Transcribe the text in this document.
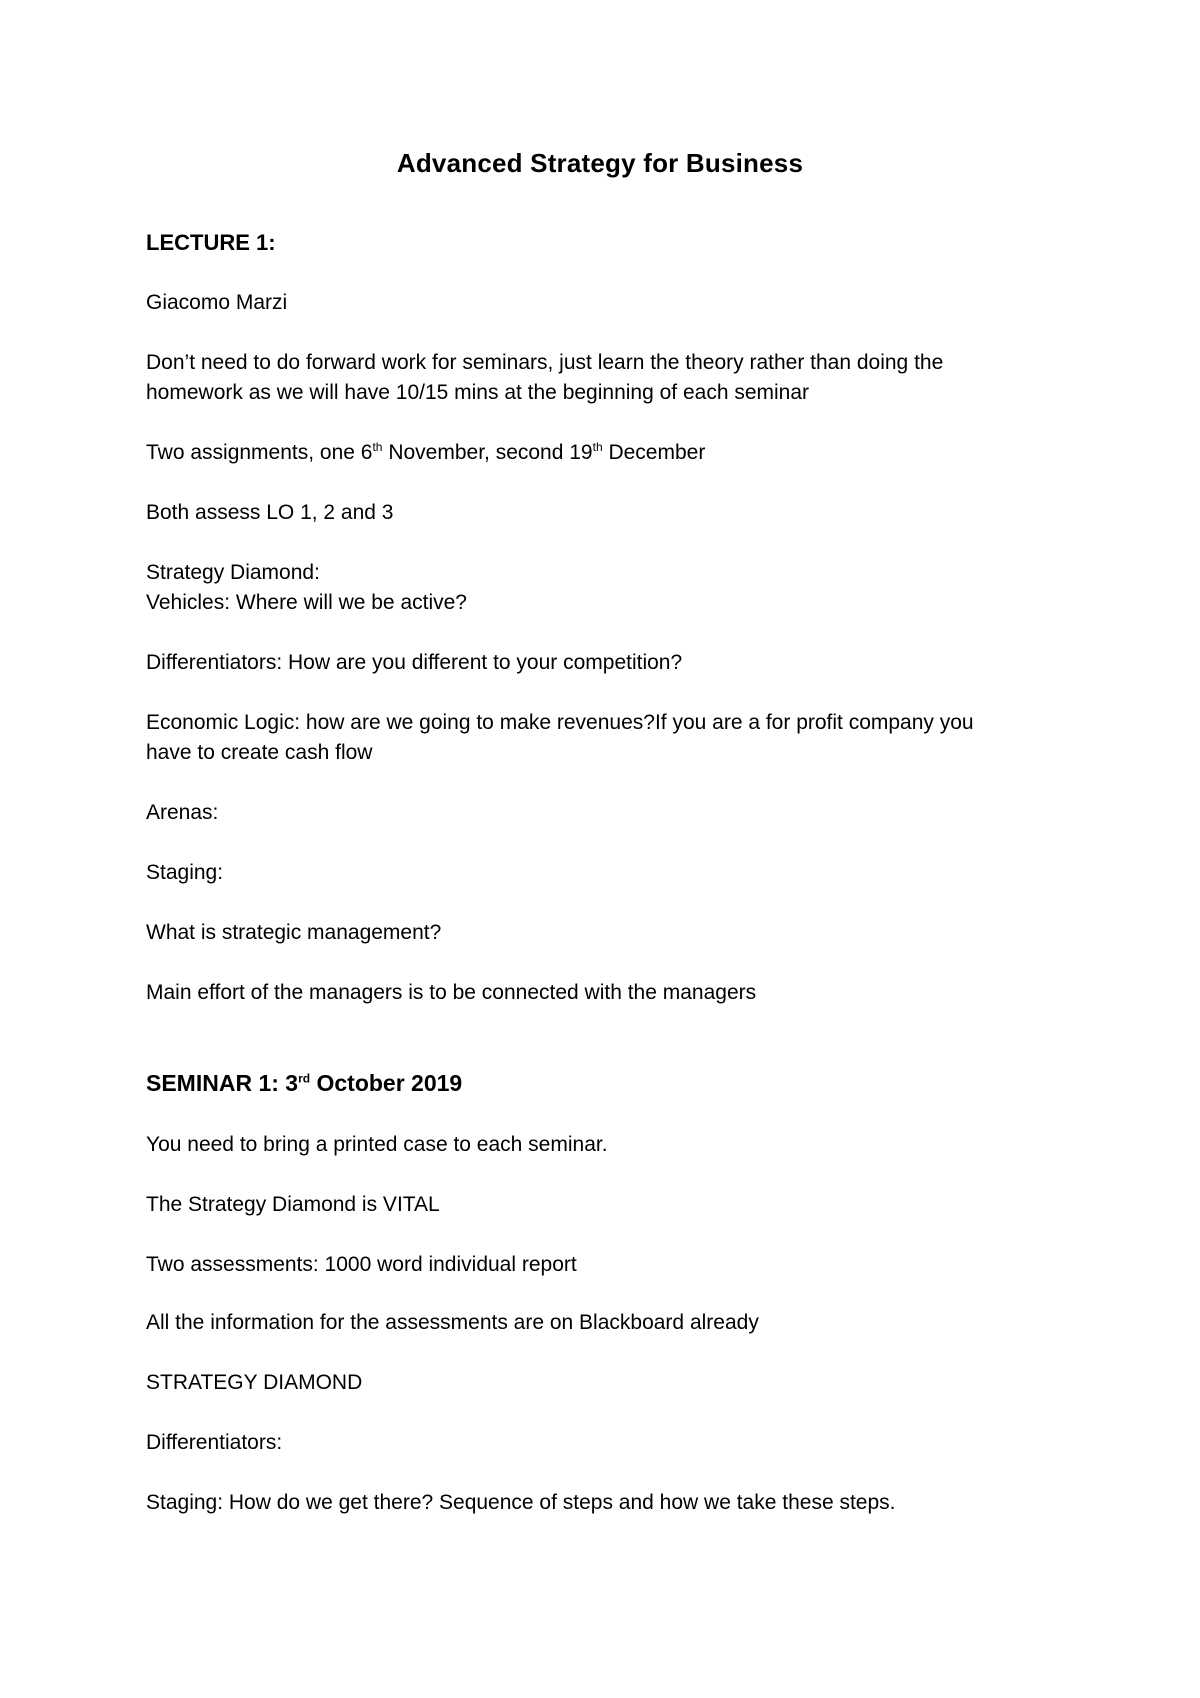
Advanced Strategy for Business

LECTURE 1:

Giacomo Marzi

Don’t need to do forward work for seminars, just learn the theory rather than doing the

homework as we will have 10/15 mins at the beginning of each seminar

Two assignments, one 6th November, second 19th December

Both assess LO 1, 2 and 3

Strategy Diamond:

Vehicles: Where will we be active?

Differentiators: How are you different to your competition?

Economic Logic: how are we going to make revenues?If you are a for profit company you

have to create cash flow

Arenas:

Staging:

What is strategic management?

Main effort of the managers is to be connected with the managers

SEMINAR 1: 3rd October 2019

You need to bring a printed case to each seminar.

The Strategy Diamond is VITAL

Two assessments: 1000 word individual report

All the information for the assessments are on Blackboard already

STRATEGY DIAMOND

Differentiators:

Staging: How do we get there? Sequence of steps and how we take these steps.
